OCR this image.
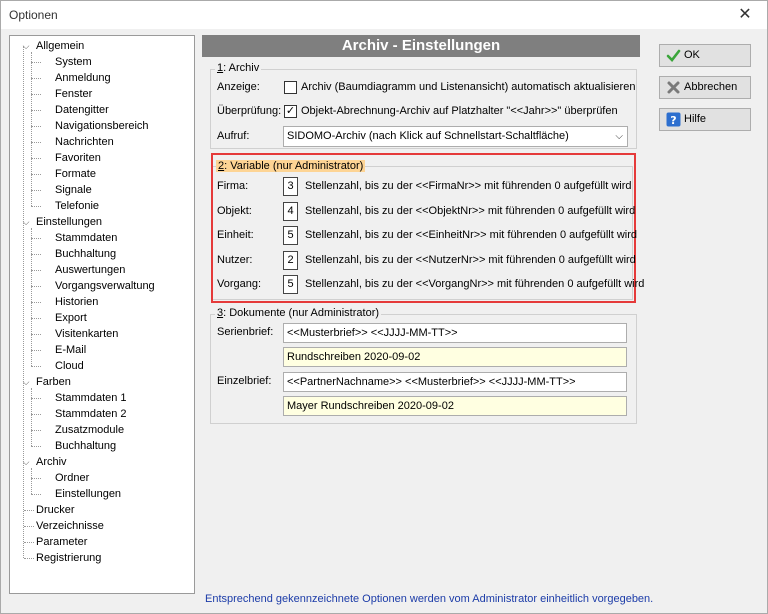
Optionen	✕
⌵ Allgemein
System
Anmeldung
Fenster
Datengitter
Navigationsbereich
Nachrichten
Favoriten
Formate
Signale
Telefonie
⌵ Einstellungen
Stammdaten
Buchhaltung
Auswertungen
Vorgangsverwaltung
Historien
Export
Visitenkarten
E-Mail
Cloud
⌵ Farben
Stammdaten 1
Stammdaten 2
Zusatzmodule
Buchhaltung
⌵ Archiv
Ordner
Einstellungen
Drucker
Verzeichnisse
Parameter
Registrierung
Archiv - Einstellungen
1: Archiv
Anzeige:	Archiv (Baumdiagramm und Listenansicht) automatisch aktualisieren
Überprüfung: ✓ Objekt-Abrechnung-Archiv auf Platzhalter "<<Jahr>>" überprüfen
Aufruf:	SIDOMO-Archiv (nach Klick auf Schnellstart-Schaltfläche)	⌵
2: Variable (nur Administrator)
Firma:	3	Stellenzahl, bis zu der <<FirmaNr>> mit führenden 0 aufgefüllt wird
Objekt:	4	Stellenzahl, bis zu der <<ObjektNr>> mit führenden 0 aufgefüllt wird
Einheit:	5	Stellenzahl, bis zu der <<EinheitNr>> mit führenden 0 aufgefüllt wird
Nutzer:	2	Stellenzahl, bis zu der <<NutzerNr>> mit führenden 0 aufgefüllt wird
Vorgang:	5	Stellenzahl, bis zu der <<VorgangNr>> mit führenden 0 aufgefüllt wird
3: Dokumente (nur Administrator)
Serienbrief:	<<Musterbrief>> <<JJJJ-MM-TT>>
Rundschreiben 2020-09-02
Einzelbrief:	<<PartnerNachname>> <<Musterbrief>> <<JJJJ-MM-TT>>
Mayer Rundschreiben 2020-09-02
OK
Abbrechen
? Hilfe
Entsprechend gekennzeichnete Optionen werden vom Administrator einheitlich vorgegeben.
